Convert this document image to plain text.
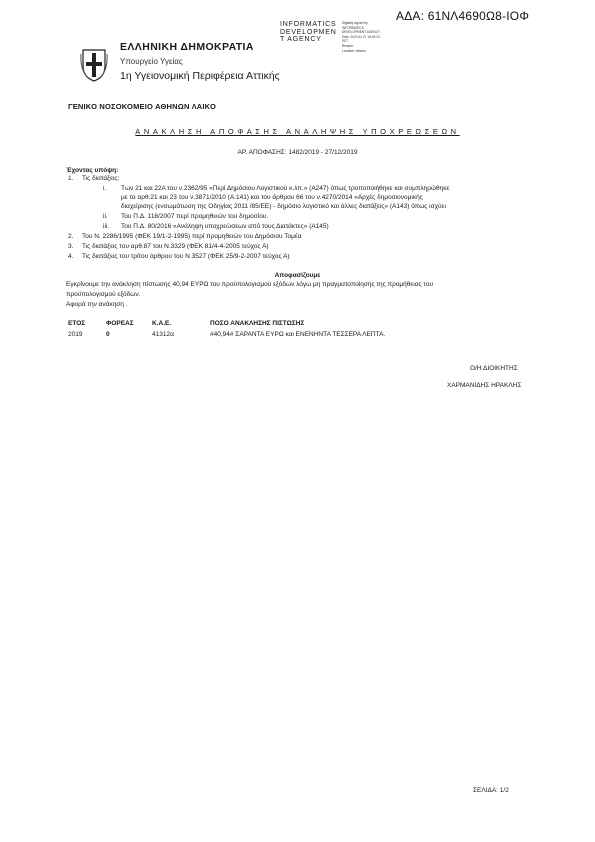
ΑΔΑ: 61ΝΛ4690Ω8-ΙΟΦ
INFORMATICS
DEVELOPMEN
T AGENCY
Digitally signed by
INFORMATICS
DEVELOPMENT AGENCY
Date: 2020.01.27 15:24:23
EET
Reason:
Location: Athens
ΕΛΛΗΝΙΚΗ ΔΗΜΟΚΡΑΤΙΑ
Υπουργείο Υγείας
1η Υγειονομική Περιφέρεια Αττικής
ΓΕΝΙΚΟ ΝΟΣΟΚΟΜΕΙΟ ΑΘΗΝΩΝ ΛΑΙΚΟ
ΑΝΑΚΛΗΣΗ ΑΠΟΦΑΣΗΣ ΑΝΑΛΗΨΗΣ ΥΠΟΧΡΕΩΣΕΩΝ
ΑΡ. ΑΠΟΦΑΣΗΣ: 1482/2019 - 27/12/2019
Έχοντας υπόψη:
1. Τις διατάξεις:
i. Των 21 και 22Α του ν.2362/95 «Περί Δημόσιου Λογιστικού κ.λπ.» (Α247) όπως τροποποιήθηκε και συμπληρώθηκε
με τα αρθ.21 και 23 του ν.3871/2010 (Α.141) και του άρθρου 66 του ν.4270/2014 «Αρχές δημοσιονομικής
διαχείρισης (ενσωμάτωση της Οδηγίας 2011 /85/ΕΕ) - δημόσιο λογιστικό και άλλες διατάξεις» (Α143) όπως ισχύει
ii. Του Π.Δ. 118/2007 περί προμηθειών του δημοσίου.
iii. Του Π.Δ. 80/2016 «Ανάληψη υποχρεώσεων από τους Διατάκτες» (Α145)
2. Του Ν. 2286/1995 (ΦΕΚ 19/1-2-1995) περί προμηθειών του Δημόσιου Τομέα
3. Τις διατάξεις του αρθ.87 του Ν.3329 (ΦΕΚ 81/4-4-2005 τεύχος Α)
4. Τις διατάξεις του τρίτου άρθρου του Ν.3527 (ΦΕΚ 25/9-2-2007 τεύχος Α)
Αποφασίζουμε
Εγκρίνουμε την ανάκληση πίστωσης 40,94 ΕΥΡΩ του προϋπολογισμού εξόδων λόγω μη πραγματοποίησης της προμήθειας του
προϋπολογισμού εξόδων.
Αφορά την ανάκηση .
ΕΤΟΣ	ΦΟΡΕΑΣ	Κ.Α.Ε.	ΠΟΣΟ ΑΝΑΚΛΗΣΗΣ ΠΙΣΤΩΣΗΣ
2019	0	41312α	#40,94# ΣΑΡΑΝΤΑ ΕΥΡΩ και ΕΝΕΝΗΝΤΑ ΤΕΣΣΕΡΑ ΛΕΠΤΑ.
Ο/Η ΔΙΟΙΚΗΤΗΣ
ΧΑΡΜΑΝΙΔΗΣ ΗΡΑΚΛΗΣ
ΣΕΛΙΔΑ: 1/2
